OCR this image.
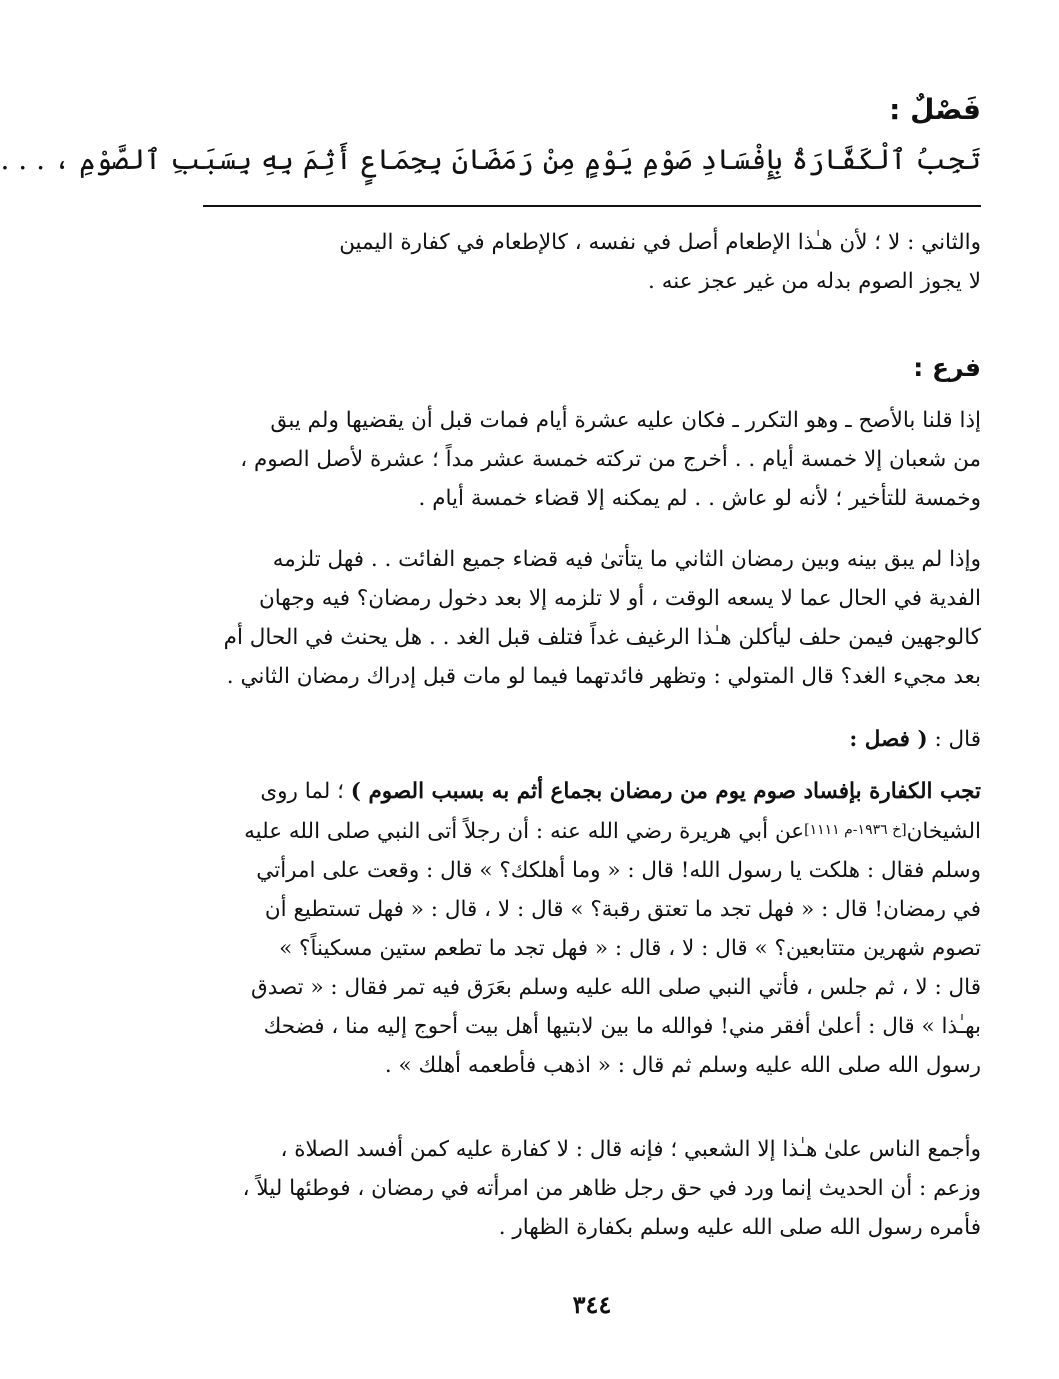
فَصْلٌ :
تَجِبُ ٱلْكَفَّارَةُ بِإِفْسَادِ صَوْمِ يَوْمٍ مِنْ رَمَضَانَ بِجِمَاعٍ أَثِمَ بِهِ بِسَبَبِ ٱلصَّوْمِ ، . . .

والثاني : لا ؛ لأن هـٰذا الإطعام أصل في نفسه ، كالإطعام في كفارة اليمين
لا يجوز الصوم بدله من غير عجز عنه .

فرع :

إذا قلنا بالأصح ـ وهو التكرر ـ فكان عليه عشرة أيام فمات قبل أن يقضيها ولم يبق
من شعبان إلا خمسة أيام . . أخرج من تركته خمسة عشر مداً ؛ عشرة لأصل الصوم ،
وخمسة للتأخير ؛ لأنه لو عاش . . لم يمكنه إلا قضاء خمسة أيام .

وإذا لم يبق بينه وبين رمضان الثاني ما يتأتىٰ فيه قضاء جميع الفائت . . فهل تلزمه
الفدية في الحال عما لا يسعه الوقت ، أو لا تلزمه إلا بعد دخول رمضان؟ فيه وجهان
كالوجهين فيمن حلف ليأكلن هـٰذا الرغيف غداً فتلف قبل الغد . . هل يحنث في الحال أم
بعد مجيء الغد؟ قال المتولي : وتظهر فائدتهما فيما لو مات قبل إدراك رمضان الثاني .

قال : ( فصل :

تجب الكفارة بإفساد صوم يوم من رمضان بجماع أثم به بسبب الصوم ) ؛ لما روى
الشيخان[خ ١٩٣٦-م ١١١١]عن أبي هريرة رضي الله عنه : أن رجلاً أتى النبي صلى الله عليه
وسلم فقال : هلكت يا رسول الله! قال : « وما أهلكك؟ » قال : وقعت على امرأتي
في رمضان! قال : « فهل تجد ما تعتق رقبة؟ » قال : لا ، قال : « فهل تستطيع أن
تصوم شهرين متتابعين؟ » قال : لا ، قال : « فهل تجد ما تطعم ستين مسكيناً؟ »
قال : لا ، ثم جلس ، فأتي النبي صلى الله عليه وسلم بعَرَق فيه تمر فقال : « تصدق
بهـٰذا » قال : أعلىٰ أفقر مني! فوالله ما بين لابتيها أهل بيت أحوج إليه منا ، فضحك
رسول الله صلى الله عليه وسلم ثم قال : « اذهب فأطعمه أهلك » .

وأجمع الناس علىٰ هـٰذا إلا الشعبي ؛ فإنه قال : لا كفارة عليه كمن أفسد الصلاة ،
وزعم : أن الحديث إنما ورد في حق رجل ظاهر من امرأته في رمضان ، فوطئها ليلاً ،
فأمره رسول الله صلى الله عليه وسلم بكفارة الظهار .

٣٤٤
